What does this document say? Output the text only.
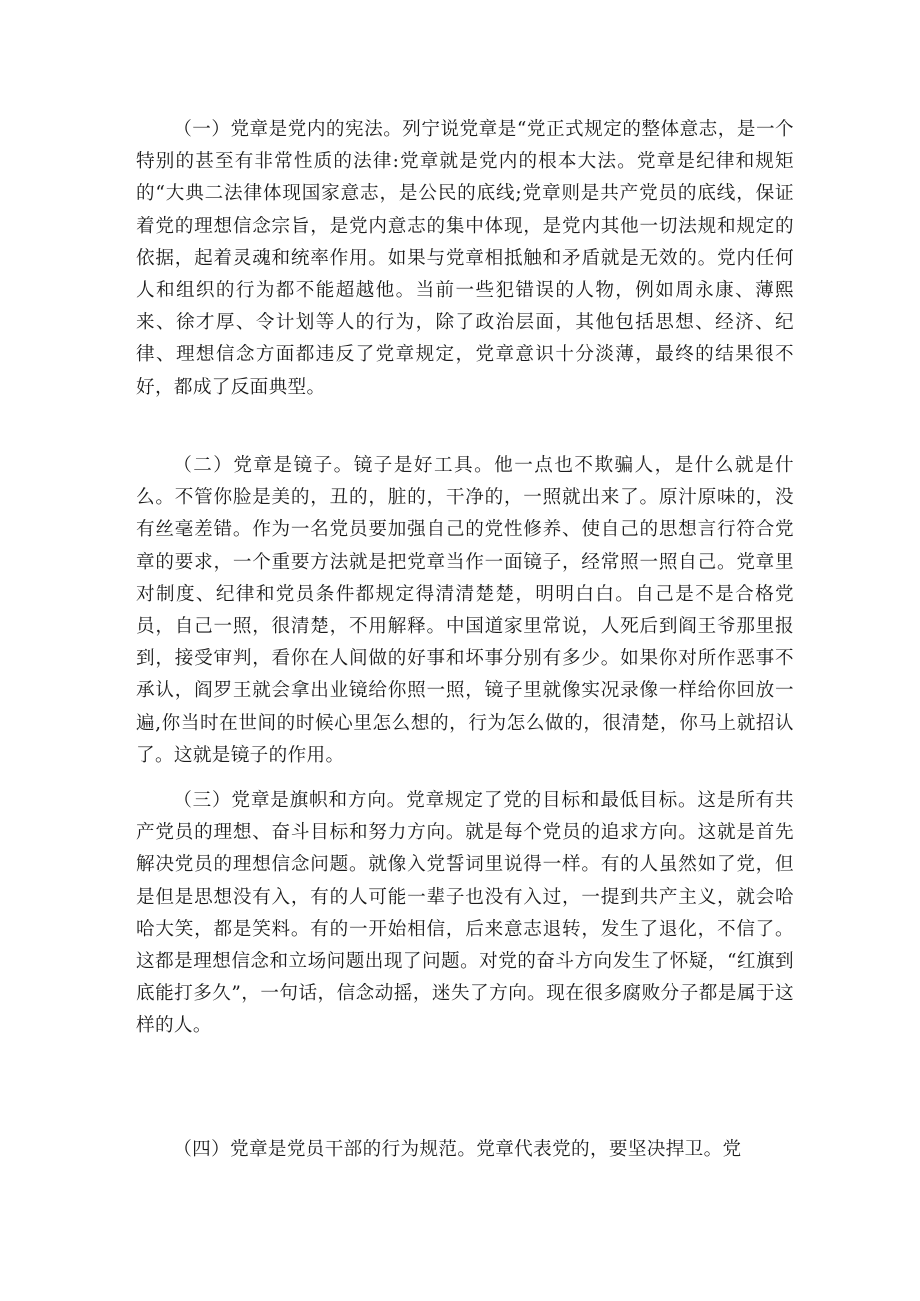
（一）党章是党内的宪法。列宁说党章是“党正式规定的整体意志，是一个特别的甚至有非常性质的法律:党章就是党内的根本大法。党章是纪律和规矩的“大典二法律体现国家意志，是公民的底线;党章则是共产党员的底线，保证着党的理想信念宗旨，是党内意志的集中体现，是党内其他一切法规和规定的依据，起着灵魂和统率作用。如果与党章相抵触和矛盾就是无效的。党内任何人和组织的行为都不能超越他。当前一些犯错误的人物，例如周永康、薄熙来、徐才厚、令计划等人的行为，除了政治层面，其他包括思想、经济、纪律、理想信念方面都违反了党章规定，党章意识十分淡薄，最终的结果很不好，都成了反面典型。

（二）党章是镜子。镜子是好工具。他一点也不欺骗人，是什么就是什么。不管你脸是美的，丑的，脏的，干净的，一照就出来了。原汁原味的，没有丝毫差错。作为一名党员要加强自己的党性修养、使自己的思想言行符合党章的要求，一个重要方法就是把党章当作一面镜子，经常照一照自己。党章里对制度、纪律和党员条件都规定得清清楚楚，明明白白。自己是不是合格党员，自己一照，很清楚，不用解释。中国道家里常说，人死后到阎王爷那里报到，接受审判，看你在人间做的好事和坏事分别有多少。如果你对所作恶事不承认，阎罗王就会拿出业镜给你照一照，镜子里就像实况录像一样给你回放一遍,你当时在世间的时候心里怎么想的，行为怎么做的，很清楚，你马上就招认了。这就是镜子的作用。

（三）党章是旗帜和方向。党章规定了党的目标和最低目标。这是所有共产党员的理想、奋斗目标和努力方向。就是每个党员的追求方向。这就是首先解决党员的理想信念问题。就像入党誓词里说得一样。有的人虽然如了党，但是但是思想没有入，有的人可能一辈子也没有入过，一提到共产主义，就会哈哈大笑，都是笑料。有的一开始相信，后来意志退转，发生了退化，不信了。这都是理想信念和立场问题出现了问题。对党的奋斗方向发生了怀疑，“红旗到底能打多久”，一句话，信念动摇，迷失了方向。现在很多腐败分子都是属于这样的人。

（四）党章是党员干部的行为规范。党章代表党的，要坚决捍卫。党
